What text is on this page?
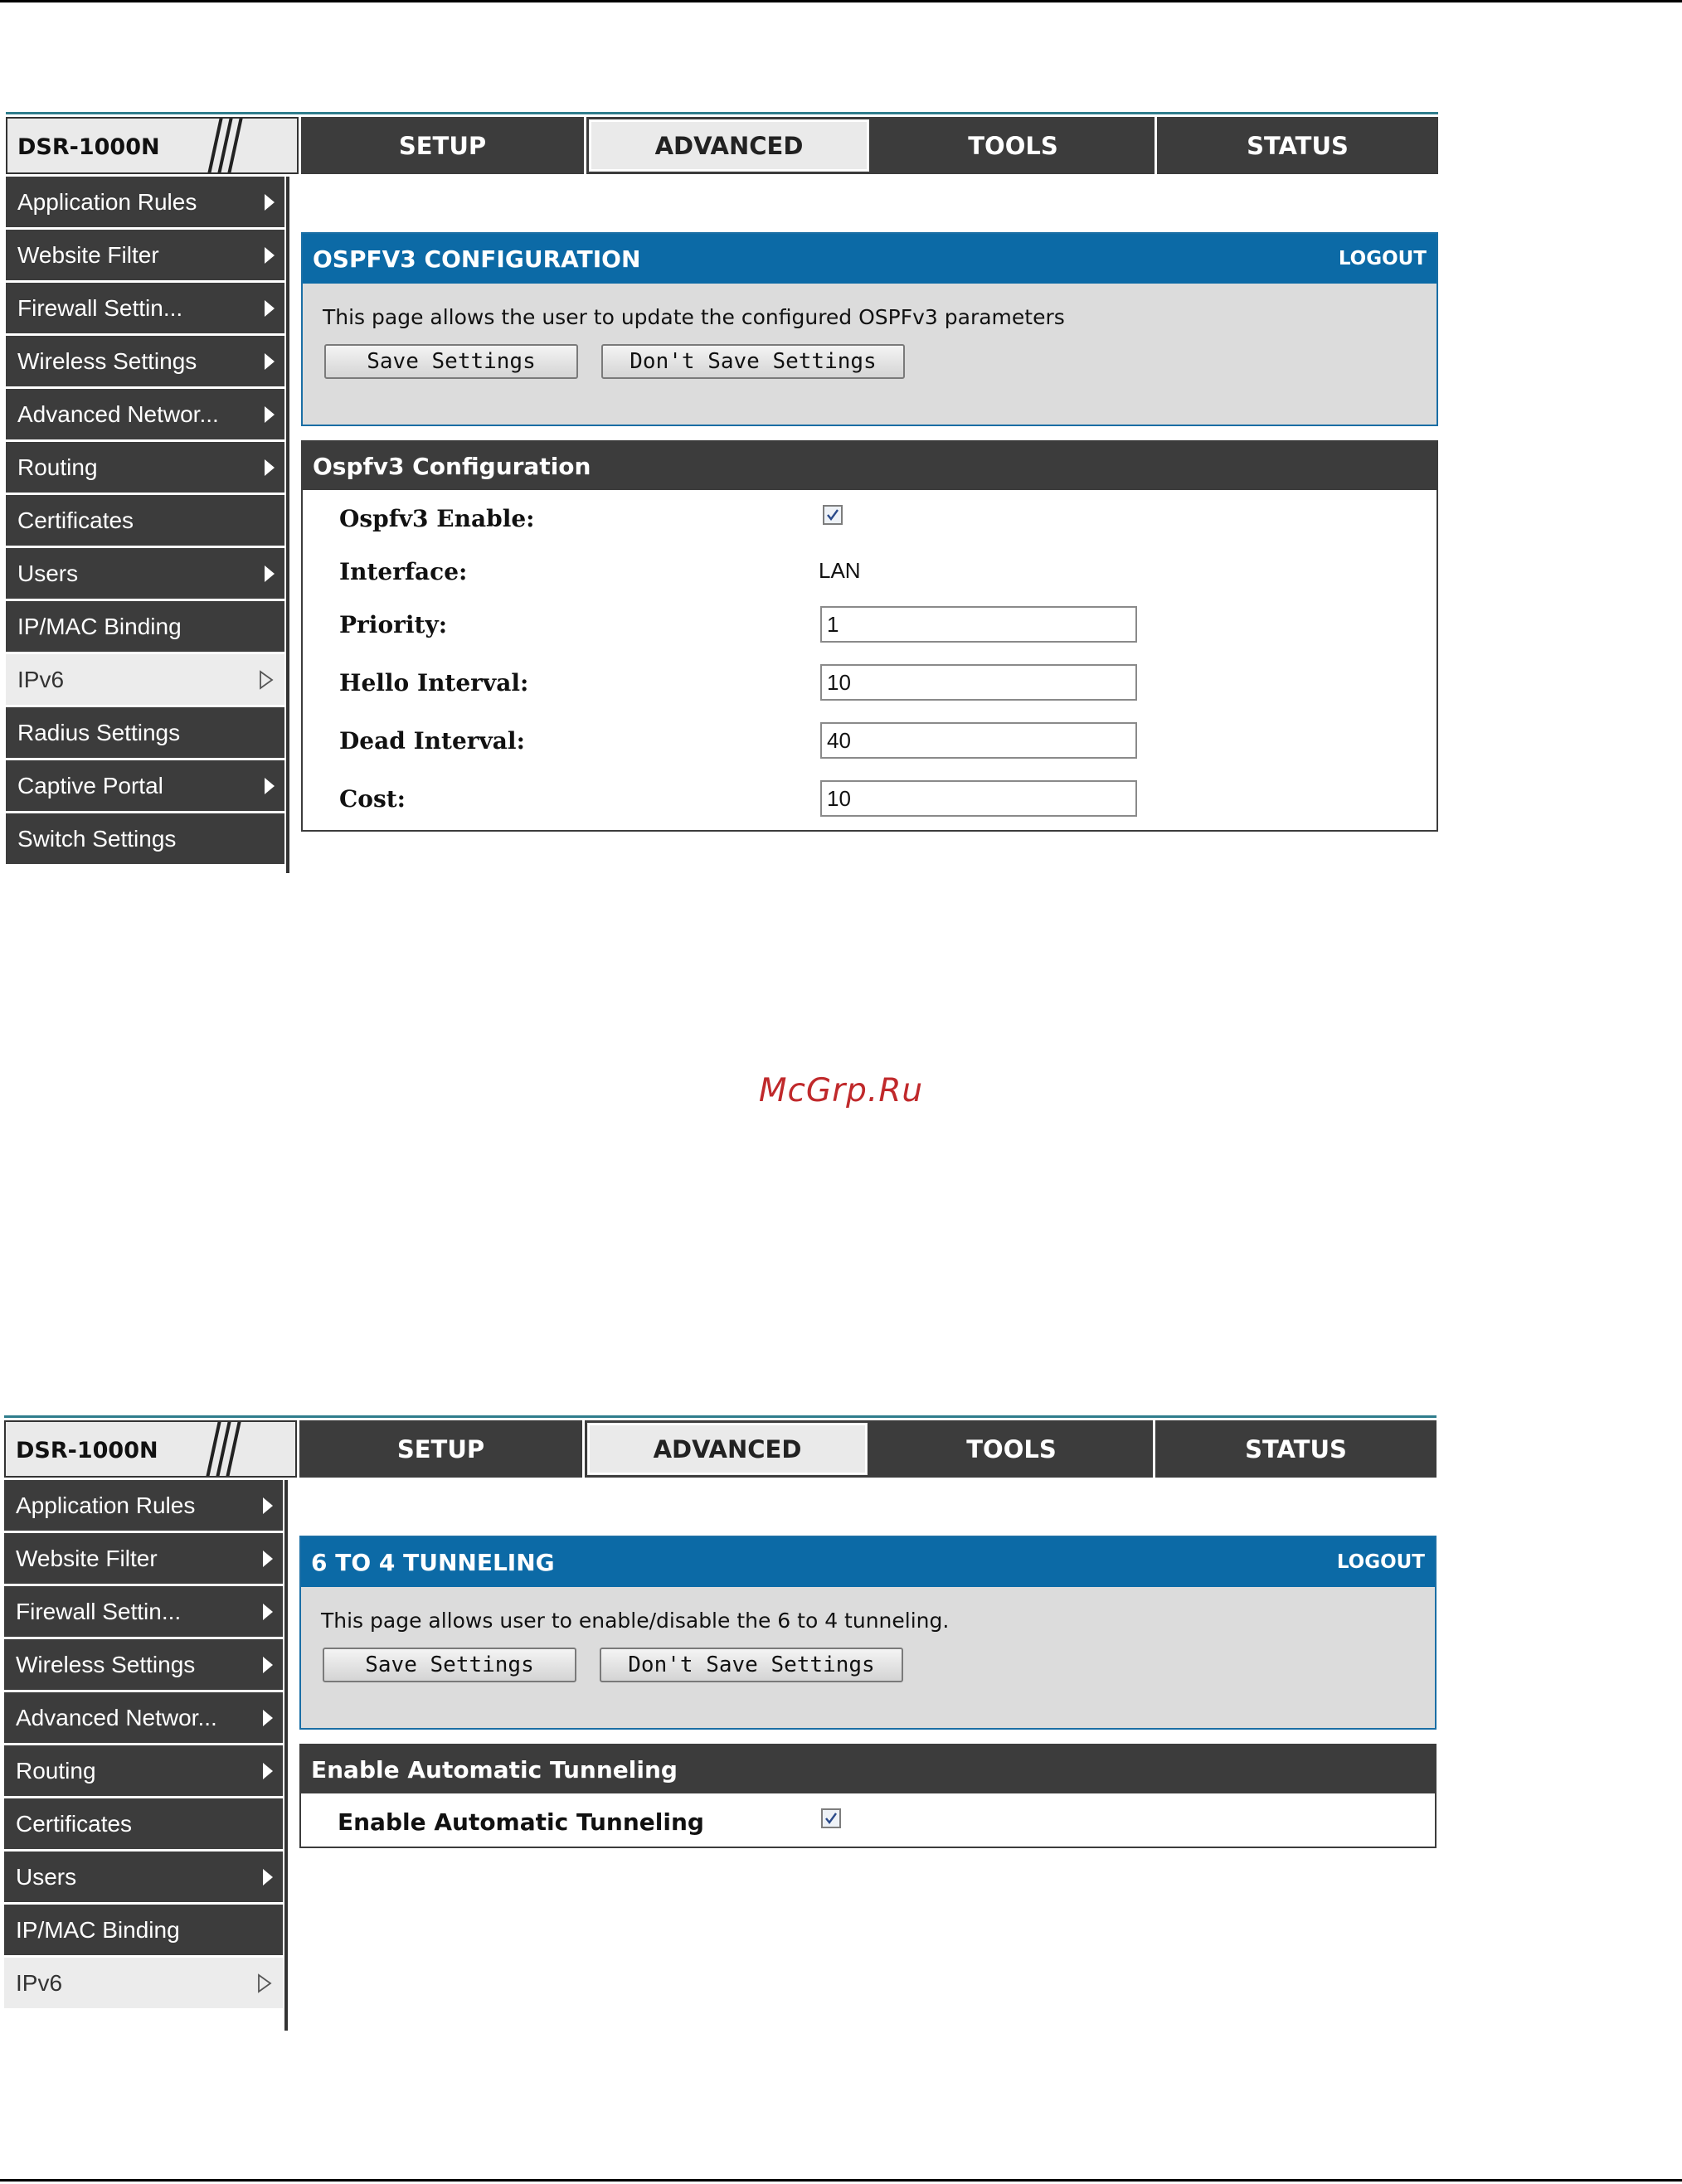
DSR-1000N	SETUP	ADVANCED	TOOLS	STATUS
Application Rules
Website Filter
Firewall Settin...
Wireless Settings
Advanced Networ...
Routing
Certificates
Users
IP/MAC Binding
IPv6
Radius Settings
Captive Portal
Switch Settings
OSPFV3 CONFIGURATION	LOGOUT
This page allows the user to update the configured OSPFv3 parameters
Save Settings	Don't Save Settings
Ospfv3 Configuration
Ospfv3 Enable:
Interface:	LAN
Priority:
1
Hello Interval:
10
Dead Interval:
40
Cost:
10
McGrp.Ru
DSR-1000N	SETUP	ADVANCED	TOOLS	STATUS
Application Rules
Website Filter
Firewall Settin...
Wireless Settings
Advanced Networ...
Routing
Certificates
Users
IP/MAC Binding
IPv6
6 TO 4 TUNNELING	LOGOUT
This page allows user to enable/disable the 6 to 4 tunneling.
Save Settings	Don't Save Settings
Enable Automatic Tunneling
Enable Automatic Tunneling
